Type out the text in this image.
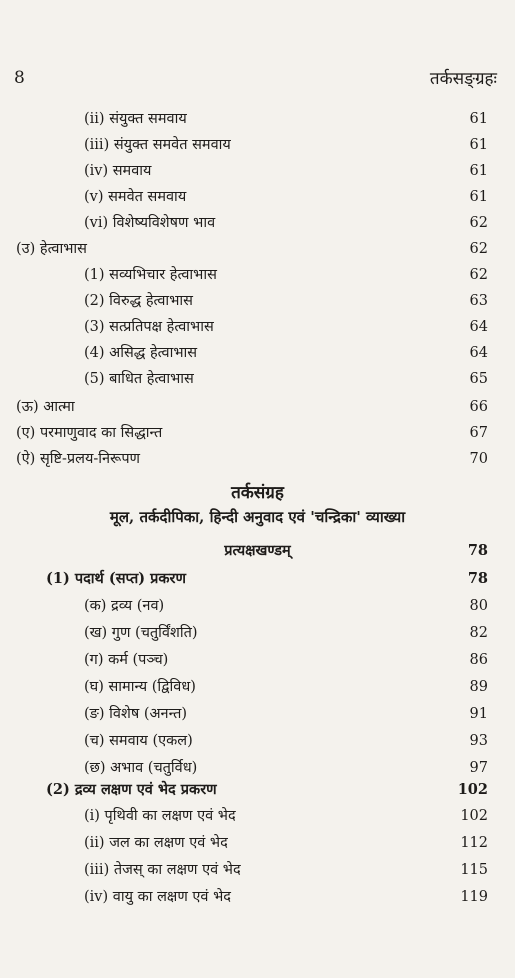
8	तर्कसङ्ग्रहः
(ii) संयुक्त समवाय	61
(iii) संयुक्त समवेत समवाय	61
(iv) समवाय	61
(v) समवेत समवाय	61
(vi) विशेष्यविशेषण भाव	62
(उ) हेत्वाभास	62
(1) सव्यभिचार हेत्वाभास	62
(2) विरुद्ध हेत्वाभास	63
(3) सत्प्रतिपक्ष हेत्वाभास	64
(4) असिद्ध हेत्वाभास	64
(5) बाधित हेत्वाभास	65
(ऊ) आत्मा	66
(ए) परमाणुवाद का सिद्धान्त	67
(ऐ) सृष्टि-प्रलय-निरूपण	70
तर्कसंग्रह
मूल, तर्कदीपिका, हिन्दी अनुवाद एवं 'चन्द्रिका' व्याख्या
प्रत्यक्षखण्डम्	78
(1) पदार्थ (सप्त) प्रकरण	78
(क) द्रव्य (नव)	80
(ख) गुण (चतुर्विंशति)	82
(ग) कर्म (पञ्च)	86
(घ) सामान्य (द्विविध)	89
(ङ) विशेष (अनन्त)	91
(च) समवाय (एकल)	93
(छ) अभाव (चतुर्विध)	97
(2) द्रव्य लक्षण एवं भेद प्रकरण	102
(i) पृथिवी का लक्षण एवं भेद	102
(ii) जल का लक्षण एवं भेद	112
(iii) तेजस् का लक्षण एवं भेद	115
(iv) वायु का लक्षण एवं भेद	119
